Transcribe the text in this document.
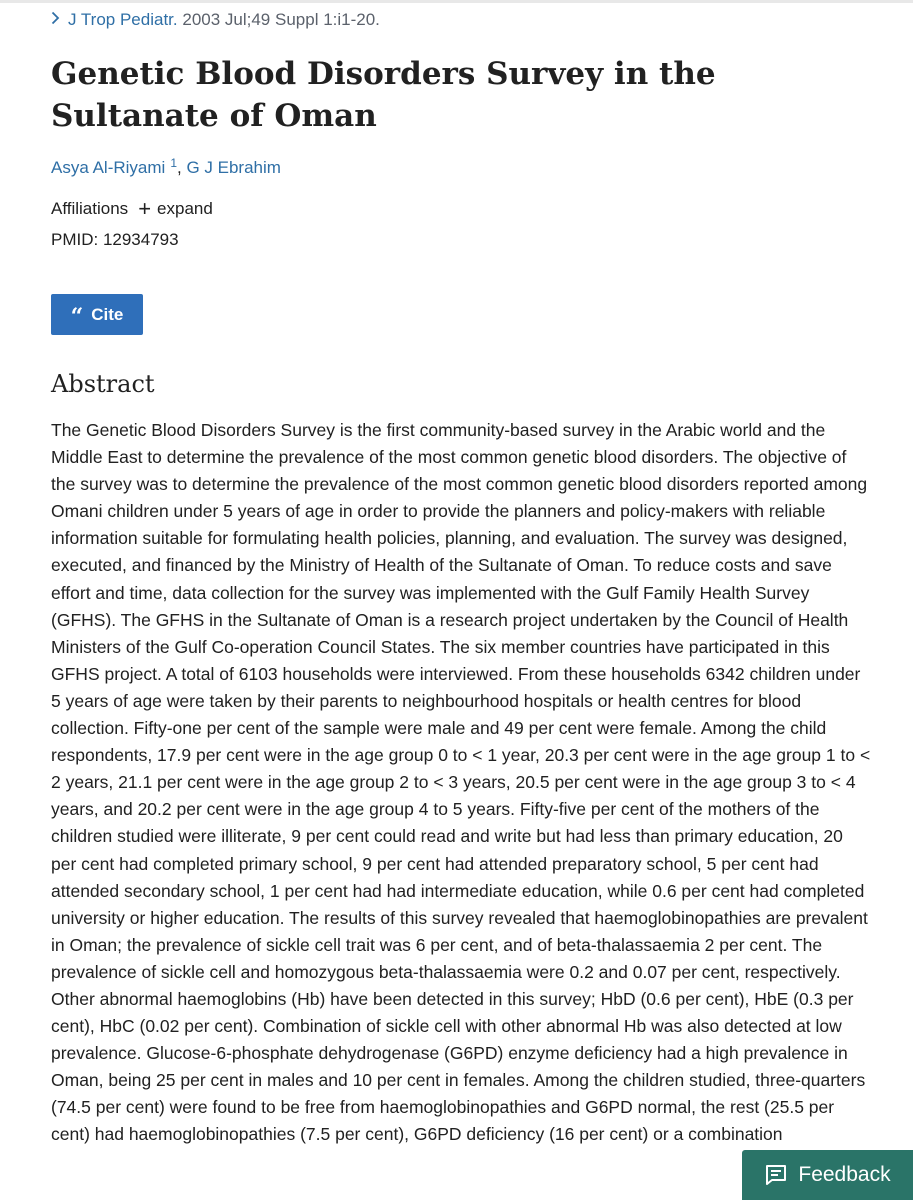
J Trop Pediatr. 2003 Jul;49 Suppl 1:i1-20.
Genetic Blood Disorders Survey in the Sultanate of Oman
Asya Al-Riyami $^1$, G J Ebrahim
Affiliations + expand
PMID: 12934793
“ Cite
Abstract

The Genetic Blood Disorders Survey is the first community-based survey in the Arabic world and the Middle East to determine the prevalence of the most common genetic blood disorders. The objective of the survey was to determine the prevalence of the most common genetic blood disorders reported among Omani children under 5 years of age in order to provide the planners and policy-makers with reliable information suitable for formulating health policies, planning, and evaluation. The survey was designed, executed, and financed by the Ministry of Health of the Sultanate of Oman. To reduce costs and save effort and time, data collection for the survey was implemented with the Gulf Family Health Survey (GFHS). The GFHS in the Sultanate of Oman is a research project undertaken by the Council of Health Ministers of the Gulf Co-operation Council States. The six member countries have participated in this GFHS project. A total of 6103 households were interviewed. From these households 6342 children under 5 years of age were taken by their parents to neighbourhood hospitals or health centres for blood collection. Fifty-one per cent of the sample were male and 49 per cent were female. Among the child respondents, 17.9 per cent were in the age group 0 to < 1 year, 20.3 per cent were in the age group 1 to < 2 years, 21.1 per cent were in the age group 2 to < 3 years, 20.5 per cent were in the age group 3 to < 4 years, and 20.2 per cent were in the age group 4 to 5 years. Fifty-five per cent of the mothers of the children studied were illiterate, 9 per cent could read and write but had less than primary education, 20 per cent had completed primary school, 9 per cent had attended preparatory school, 5 per cent had attended secondary school, 1 per cent had had intermediate education, while 0.6 per cent had completed university or higher education. The results of this survey revealed that haemoglobinopathies are prevalent in Oman; the prevalence of sickle cell trait was 6 per cent, and of beta-thalassaemia 2 per cent. The prevalence of sickle cell and homozygous beta-thalassaemia were 0.2 and 0.07 per cent, respectively. Other abnormal haemoglobins (Hb) have been detected in this survey; HbD (0.6 per cent), HbE (0.3 per cent), HbC (0.02 per cent). Combination of sickle cell with other abnormal Hb was also detected at low prevalence. Glucose-6-phosphate dehydrogenase (G6PD) enzyme deficiency had a high prevalence in Oman, being 25 per cent in males and 10 per cent in females. Among the children studied, three-quarters (74.5 per cent) were found to be free from haemoglobinopathies and G6PD normal, the rest (25.5 per cent) had haemoglobinopathies (7.5 per cent), G6PD deficiency (16 per cent) or a combination

Feedback
